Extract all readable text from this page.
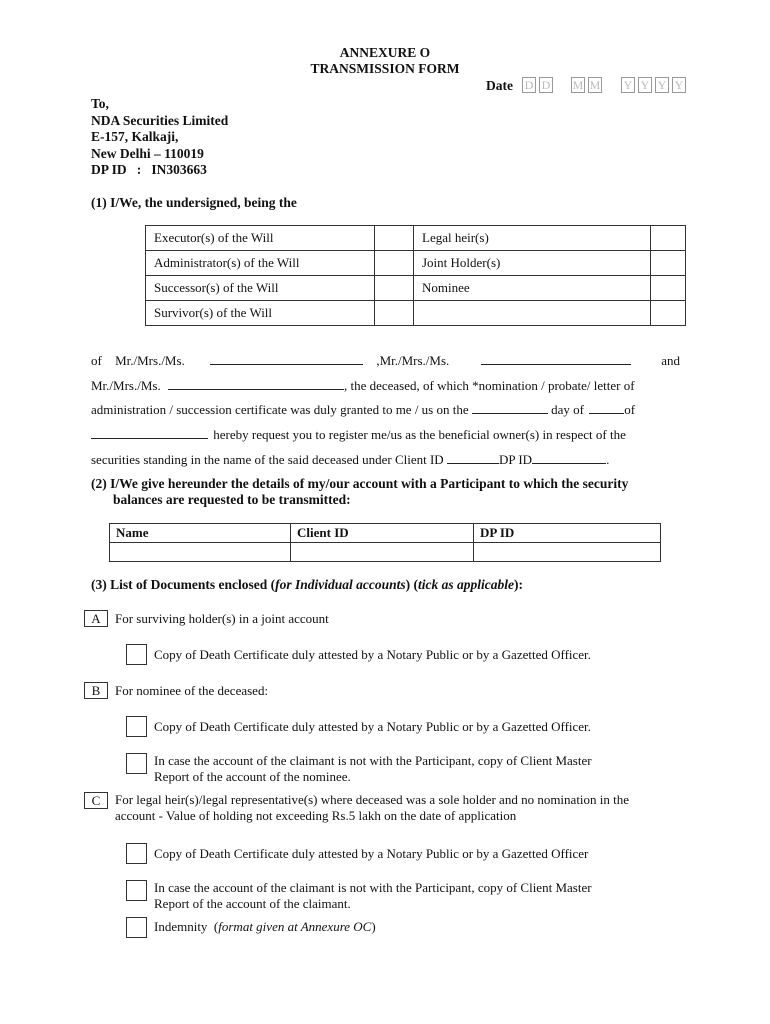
ANNEXURE O
TRANSMISSION FORM
Date D D M M Y Y Y Y
To,
NDA Securities Limited
E-157, Kalkaji,
New Delhi – 110019
DP ID   :   IN303663
(1) I/We, the undersigned, being the
Executor(s) of the Will		Legal heir(s)	
Administrator(s) of the Will		Joint Holder(s)	
Successor(s) of the Will		Nominee	
Survivor(s) of the Will			
of Mr./Mrs./Ms.	,Mr./Mrs./Ms.	and
Mr./Mrs./Ms.	, the deceased, of which *nomination / probate/ letter of
administration / succession certificate was duly granted to me / us on the	day of	of
hereby request you to register me/us as the beneficial owner(s) in respect of the
securities standing in the name of the said deceased under Client ID	DP ID	.
(2) I/We give hereunder the details of my/our account with a Participant to which the security
balances are requested to be transmitted:
Name	Client ID	DP ID

(3) List of Documents enclosed (for Individual accounts) (tick as applicable):
A	For surviving holder(s) in a joint account
Copy of Death Certificate duly attested by a Notary Public or by a Gazetted Officer.
B	For nominee of the deceased:
Copy of Death Certificate duly attested by a Notary Public or by a Gazetted Officer.
In case the account of the claimant is not with the Participant, copy of Client Master
Report of the account of the nominee.
C	For legal heir(s)/legal representative(s) where deceased was a sole holder and no nomination in the
account - Value of holding not exceeding Rs.5 lakh on the date of application
Copy of Death Certificate duly attested by a Notary Public or by a Gazetted Officer
In case the account of the claimant is not with the Participant, copy of Client Master
Report of the account of the claimant.
Indemnity  (format given at Annexure OC)
